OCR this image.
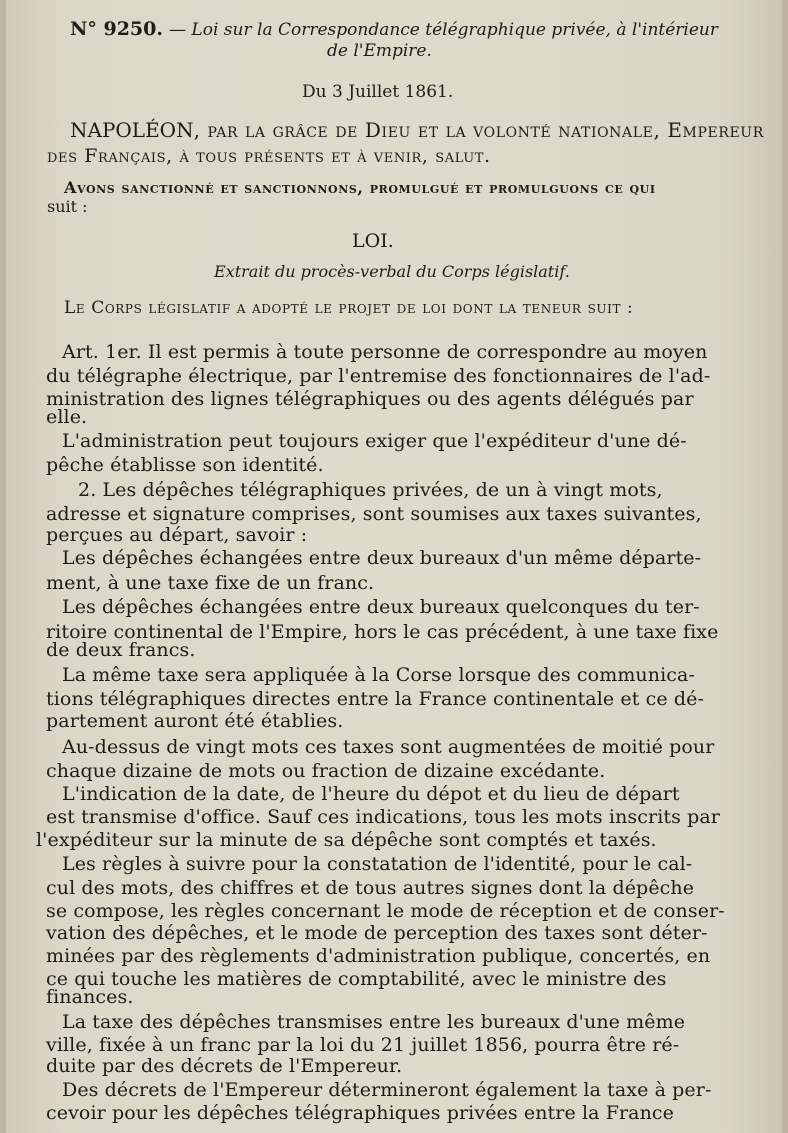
N° 9250. — Loi sur la Correspondance télégraphique privée, à l'intérieur
de l'Empire.
Du 3 Juillet 1861.
NAPOLÉON, par la grâce de Dieu et la volonté nationale, Empereur
des Français, à tous présents et à venir, salut.
Avons sanctionné et sanctionnons, promulgué et promulguons ce qui
suit :
LOI.
Extrait du procès-verbal du Corps législatif.
Le Corps législatif a adopté le projet de loi dont la teneur suit :
Art. 1er. Il est permis à toute personne de correspondre au moyen
du télégraphe électrique, par l'entremise des fonctionnaires de l'ad-
ministration des lignes télégraphiques ou des agents délégués par
elle.
L'administration peut toujours exiger que l'expéditeur d'une dé-
pêche établisse son identité.
2. Les dépêches télégraphiques privées, de un à vingt mots,
adresse et signature comprises, sont soumises aux taxes suivantes,
perçues au départ, savoir :
Les dépêches échangées entre deux bureaux d'un même départe-
ment, à une taxe fixe de un franc.
Les dépêches échangées entre deux bureaux quelconques du ter-
ritoire continental de l'Empire, hors le cas précédent, à une taxe fixe
de deux francs.
La même taxe sera appliquée à la Corse lorsque des communica-
tions télégraphiques directes entre la France continentale et ce dé-
partement auront été établies.
Au-dessus de vingt mots ces taxes sont augmentées de moitié pour
chaque dizaine de mots ou fraction de dizaine excédante.
L'indication de la date, de l'heure du dépot et du lieu de départ
est transmise d'office. Sauf ces indications, tous les mots inscrits par
l'expéditeur sur la minute de sa dépêche sont comptés et taxés.
Les règles à suivre pour la constatation de l'identité, pour le cal-
cul des mots, des chiffres et de tous autres signes dont la dépêche
se compose, les règles concernant le mode de réception et de conser-
vation des dépêches, et le mode de perception des taxes sont déter-
minées par des règlements d'administration publique, concertés, en
ce qui touche les matières de comptabilité, avec le ministre des
finances.
La taxe des dépêches transmises entre les bureaux d'une même
ville, fixée à un franc par la loi du 21 juillet 1856, pourra être ré-
duite par des décrets de l'Empereur.
Des décrets de l'Empereur détermineront également la taxe à per-
cevoir pour les dépêches télégraphiques privées entre la France
